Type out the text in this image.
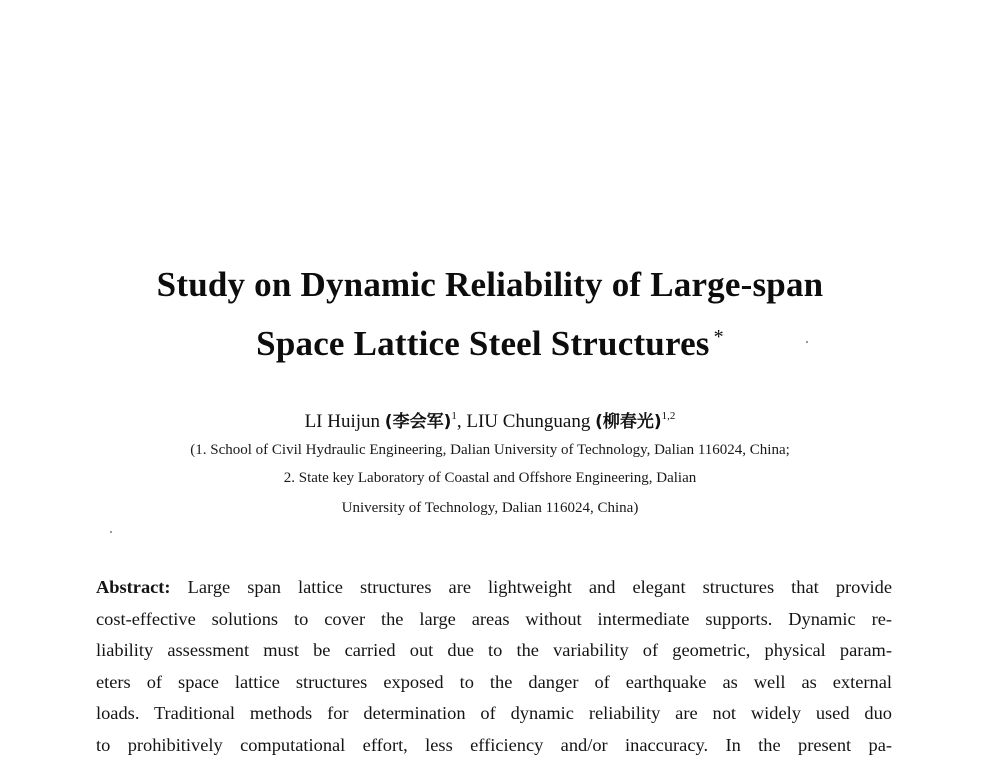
Study on Dynamic Reliability of Large-span
Space Lattice Steel Structures *
LI Huijun (李会军)$^1$, LIU Chunguang (柳春光)$^{1,2}$
(1. School of Civil Hydraulic Engineering, Dalian University of Technology, Dalian 116024, China;
2. State key Laboratory of Coastal and Offshore Engineering, Dalian
University of Technology, Dalian 116024, China)
Abstract: Large span lattice structures are lightweight and elegant structures that provide
cost-effective solutions to cover the large areas without intermediate supports. Dynamic re-
liability assessment must be carried out due to the variability of geometric, physical param-
eters of space lattice structures exposed to the danger of earthquake as well as external
loads. Traditional methods for determination of dynamic reliability are not widely used duo
to prohibitively computational effort, less efficiency and/or inaccuracy. In the present pa-
